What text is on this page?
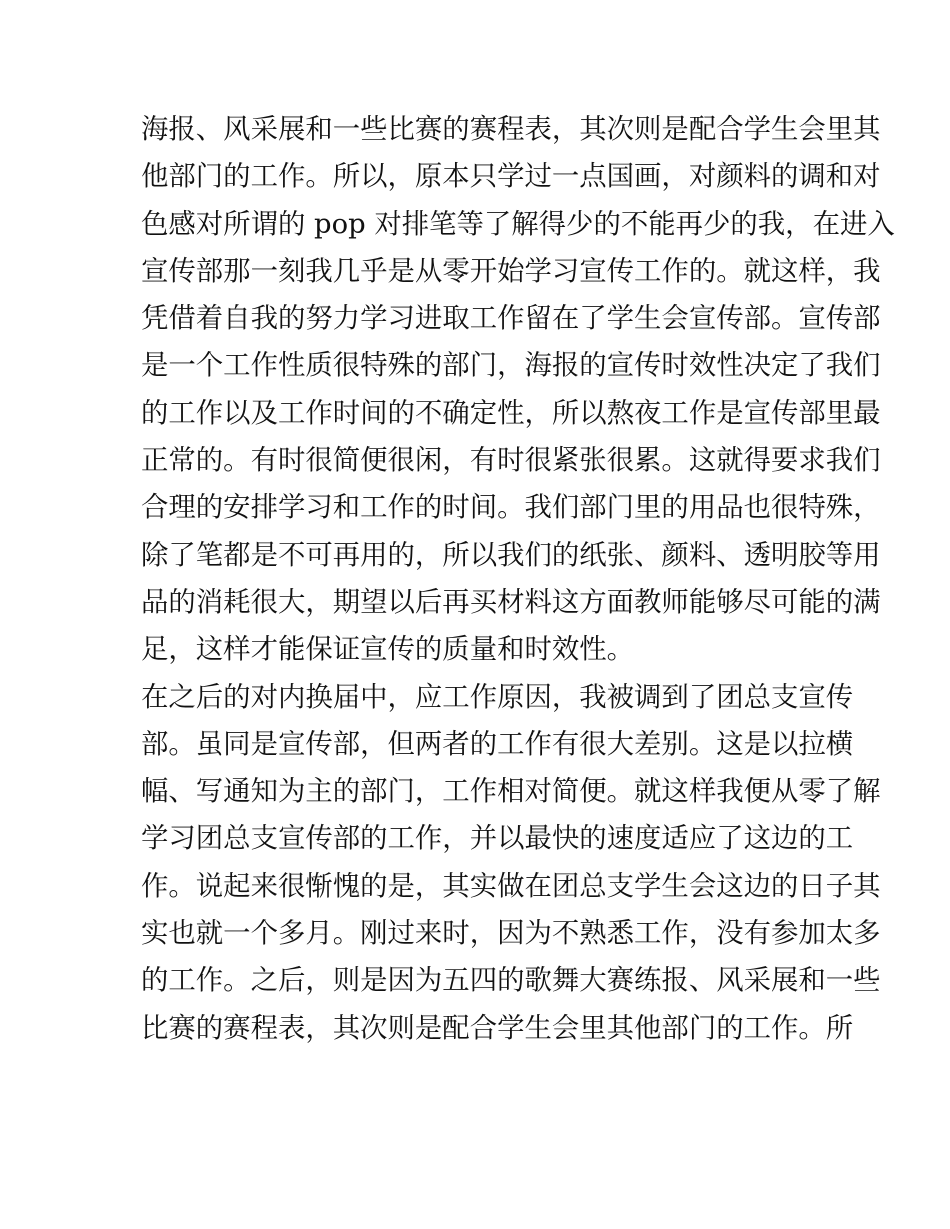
海报、风采展和一些比赛的赛程表，其次则是配合学生会里其
他部门的工作。所以，原本只学过一点国画，对颜料的调和对
色感对所谓的 pop 对排笔等了解得少的不能再少的我，在进入
宣传部那一刻我几乎是从零开始学习宣传工作的。就这样，我
凭借着自我的努力学习进取工作留在了学生会宣传部。宣传部
是一个工作性质很特殊的部门，海报的宣传时效性决定了我们
的工作以及工作时间的不确定性，所以熬夜工作是宣传部里最
正常的。有时很简便很闲，有时很紧张很累。这就得要求我们
合理的安排学习和工作的时间。我们部门里的用品也很特殊，
除了笔都是不可再用的，所以我们的纸张、颜料、透明胶等用
品的消耗很大，期望以后再买材料这方面教师能够尽可能的满
足，这样才能保证宣传的质量和时效性。
在之后的对内换届中，应工作原因，我被调到了团总支宣传
部。虽同是宣传部，但两者的工作有很大差别。这是以拉横
幅、写通知为主的部门，工作相对简便。就这样我便从零了解
学习团总支宣传部的工作，并以最快的速度适应了这边的工
作。说起来很惭愧的是，其实做在团总支学生会这边的日子其
实也就一个多月。刚过来时，因为不熟悉工作，没有参加太多
的工作。之后，则是因为五四的歌舞大赛练报、风采展和一些
比赛的赛程表，其次则是配合学生会里其他部门的工作。所
